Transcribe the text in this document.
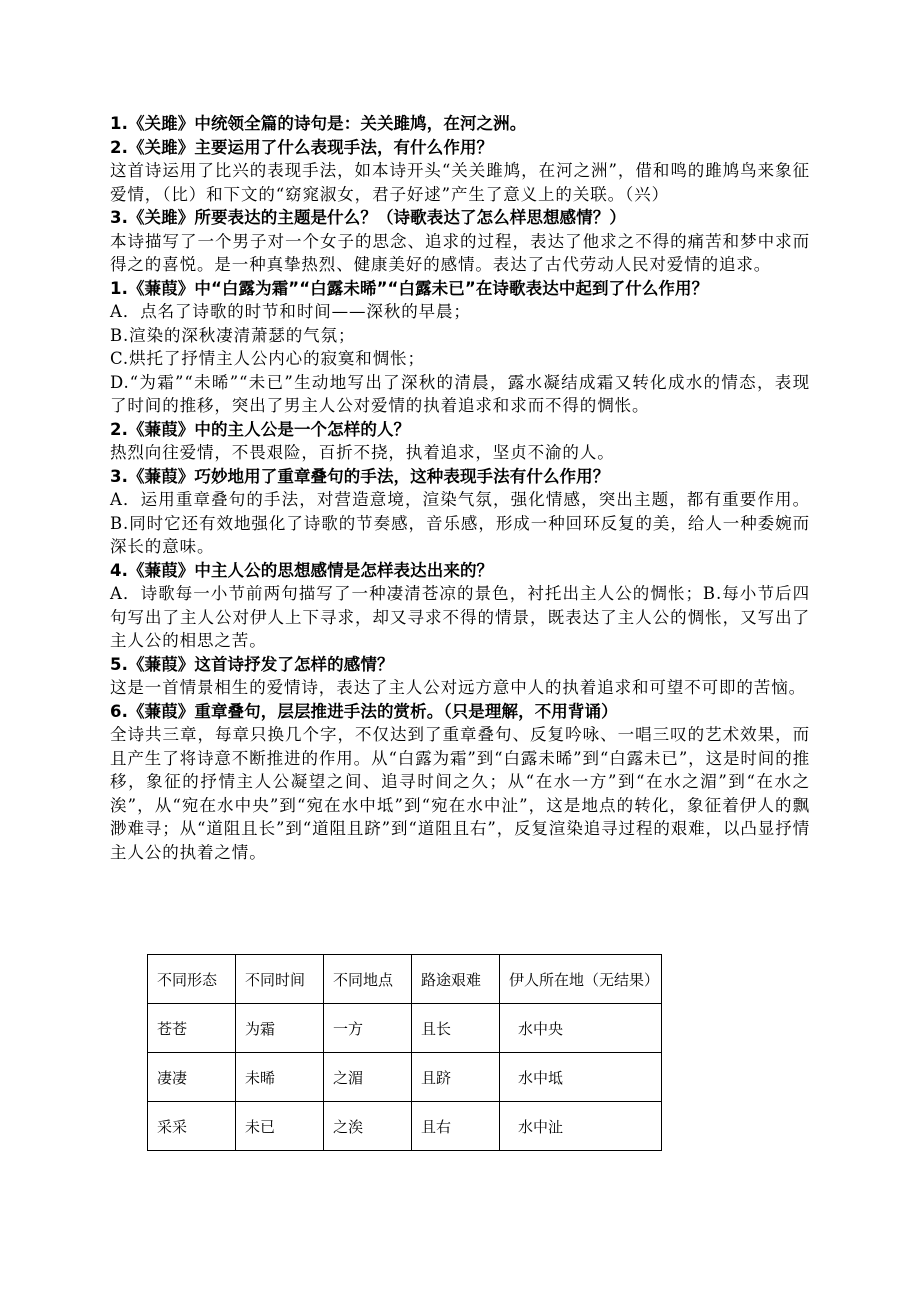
1.《关雎》中统领全篇的诗句是：关关雎鸠，在河之洲。

2.《关雎》主要运用了什么表现手法，有什么作用？

这首诗运用了比兴的表现手法，如本诗开头“关关雎鸠，在河之洲”，借和鸣的雎鸠鸟来象征爱情，（比）和下文的“窈窕淑女，君子好逑”产生了意义上的关联。（兴）

3.《关雎》所要表达的主题是什么？（诗歌表达了怎么样思想感情？）

本诗描写了一个男子对一个女子的思念、追求的过程，表达了他求之不得的痛苦和梦中求而得之的喜悦。是一种真挚热烈、健康美好的感情。表达了古代劳动人民对爱情的追求。

1.《蒹葭》中“白露为霜”“白露未晞”“白露未已”在诗歌表达中起到了什么作用？

A．点名了诗歌的时节和时间——深秋的早晨；

B.渲染的深秋凄清萧瑟的气氛；

C.烘托了抒情主人公内心的寂寞和惆怅；

D.“为霜”“未晞”“未已”生动地写出了深秋的清晨，露水凝结成霜又转化成水的情态，表现了时间的推移，突出了男主人公对爱情的执着追求和求而不得的惆怅。

2.《蒹葭》中的主人公是一个怎样的人？

热烈向往爱情，不畏艰险，百折不挠，执着追求，坚贞不渝的人。

3.《蒹葭》巧妙地用了重章叠句的手法，这种表现手法有什么作用？

A．运用重章叠句的手法，对营造意境，渲染气氛，强化情感，突出主题，都有重要作用。B.同时它还有效地强化了诗歌的节奏感，音乐感，形成一种回环反复的美，给人一种委婉而深长的意味。

4.《蒹葭》中主人公的思想感情是怎样表达出来的？

A．诗歌每一小节前两句描写了一种凄清苍凉的景色，衬托出主人公的惆怅；B.每小节后四句写出了主人公对伊人上下寻求，却又寻求不得的情景，既表达了主人公的惆怅，又写出了主人公的相思之苦。

5.《蒹葭》这首诗抒发了怎样的感情？

这是一首情景相生的爱情诗，表达了主人公对远方意中人的执着追求和可望不可即的苦恼。

6.《蒹葭》重章叠句，层层推进手法的赏析。（只是理解，不用背诵）

全诗共三章，每章只换几个字，不仅达到了重章叠句、反复吟咏、一唱三叹的艺术效果，而且产生了将诗意不断推进的作用。从“白露为霜”到“白露未晞”到“白露未已”，这是时间的推移，象征的抒情主人公凝望之间、追寻时间之久；从“在水一方”到“在水之湄”到“在水之涘”，从“宛在水中央”到“宛在水中坻”到“宛在水中沚”，这是地点的转化，象征着伊人的飘渺难寻；从“道阻且长”到“道阻且跻”到“道阻且右”，反复渲染追寻过程的艰难，以凸显抒情主人公的执着之情。

不同形态	不同时间	不同地点	路途艰难	伊人所在地（无结果）
苍苍	为霜	一方	且长	水中央
凄凄	未晞	之湄	且跻	水中坻
采采	未已	之涘	且右	水中沚
